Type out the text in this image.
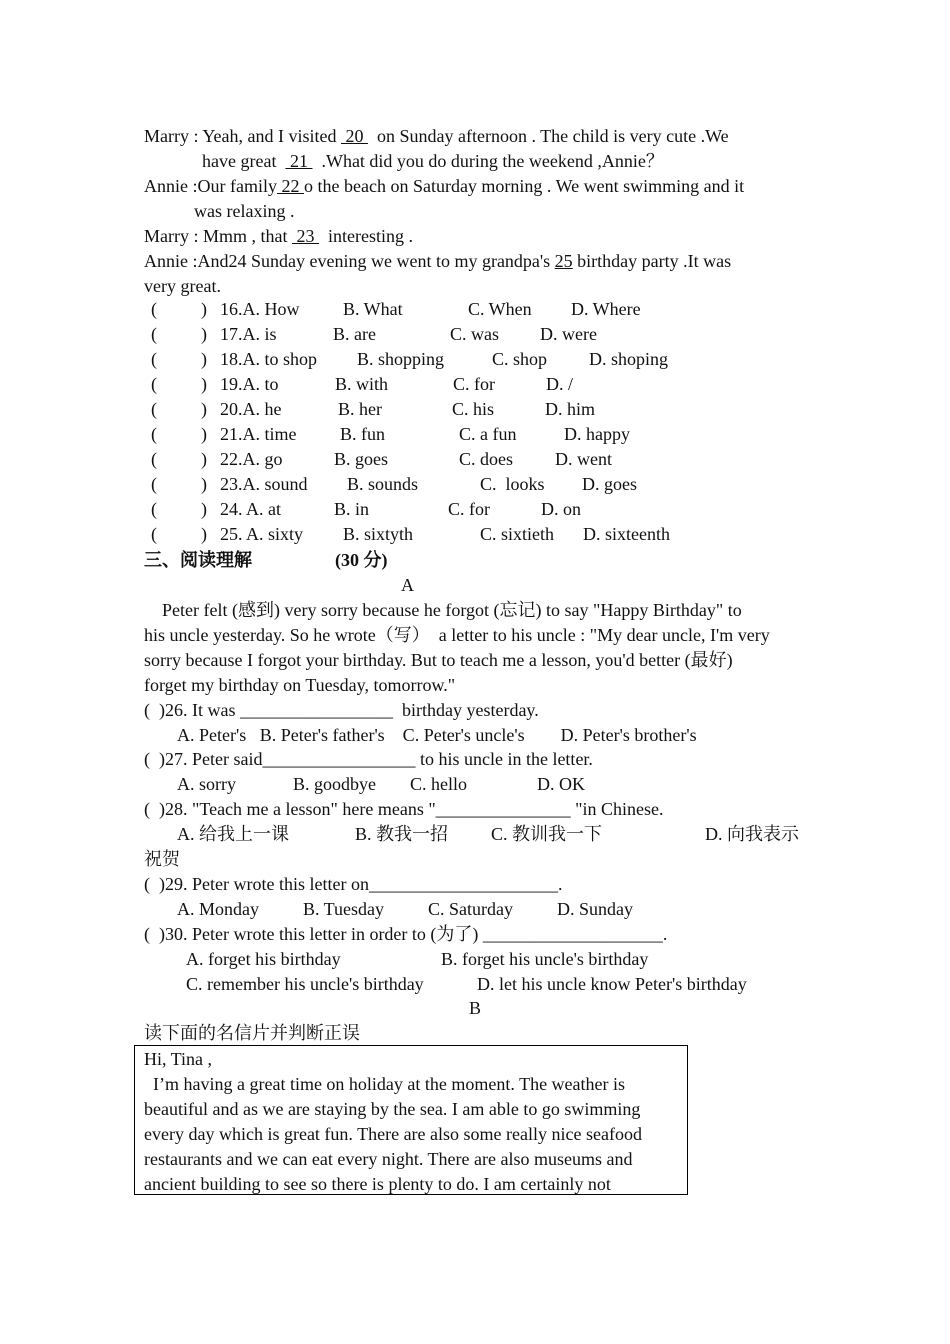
Marry : Yeah, and I visited  20   on Sunday afternoon . The child is very cute .We
have great   21   .What did you do during the weekend ,Annie？
Annie :Our family 22 o the beach on Saturday morning . We went swimming and it
was relaxing .
Marry : Mmm , that  23   interesting .
Annie :And24 Sunday evening we went to my grandpa's 25 birthday party .It was
very great.
( ) 16.A. How B. What	C. When D. Where
( ) 17.A. is	B. are	C. was D. were
( ) 18.A. to shop B. shopping	C. shop D. shoping
( ) 19.A. to	B. with	C. for	D. /
( ) 20.A. he	B. her	C. his	D. him
( ) 21.A. time B. fun	C. a fun	D. happy
( ) 22.A. go	B. goes	C. does D. went
( ) 23.A. sound B. sounds	C.  looks D. goes
( ) 24. A. at	B. in	C. for	D. on
( ) 25. A. sixty B. sixtyth	C. sixtieth D. sixteenth
三、阅读理解	(30 分)
A
Peter felt (感到) very sorry because he forgot (忘记) to say "Happy Birthday" to
his uncle yesterday. So he wrote（写）  a letter to his uncle : "My dear uncle, I'm very
sorry because I forgot your birthday. But to teach me a lesson, you'd better (最好)
forget my birthday on Tuesday, tomorrow."
(  )26. It was _________________  birthday yesterday.
A. Peter's   B. Peter's father's    C. Peter's uncle's        D. Peter's brother's
(  )27. Peter said_________________ to his uncle in the letter.
A. sorry	B. goodbye C. hello	D. OK
(  )28. "Teach me a lesson" here means "_______________ "in Chinese.
A. 给我上一课	B. 教我一招 C. 教训我一下	D. 向我表示
祝贺
(  )29. Peter wrote this letter on_____________________.
A. Monday B. Tuesday C. Saturday D. Sunday
(  )30. Peter wrote this letter in order to (为了) ____________________.
A. forget his birthday	B. forget his uncle's birthday
C. remember his uncle's birthday	D. let his uncle know Peter's birthday
B
读下面的名信片并判断正误
Hi, Tina ,
I’m having a great time on holiday at the moment. The weather is
beautiful and as we are staying by the sea. I am able to go swimming
every day which is great fun. There are also some really nice seafood
restaurants and we can eat every night. There are also museums and
ancient building to see so there is plenty to do. I am certainly not
